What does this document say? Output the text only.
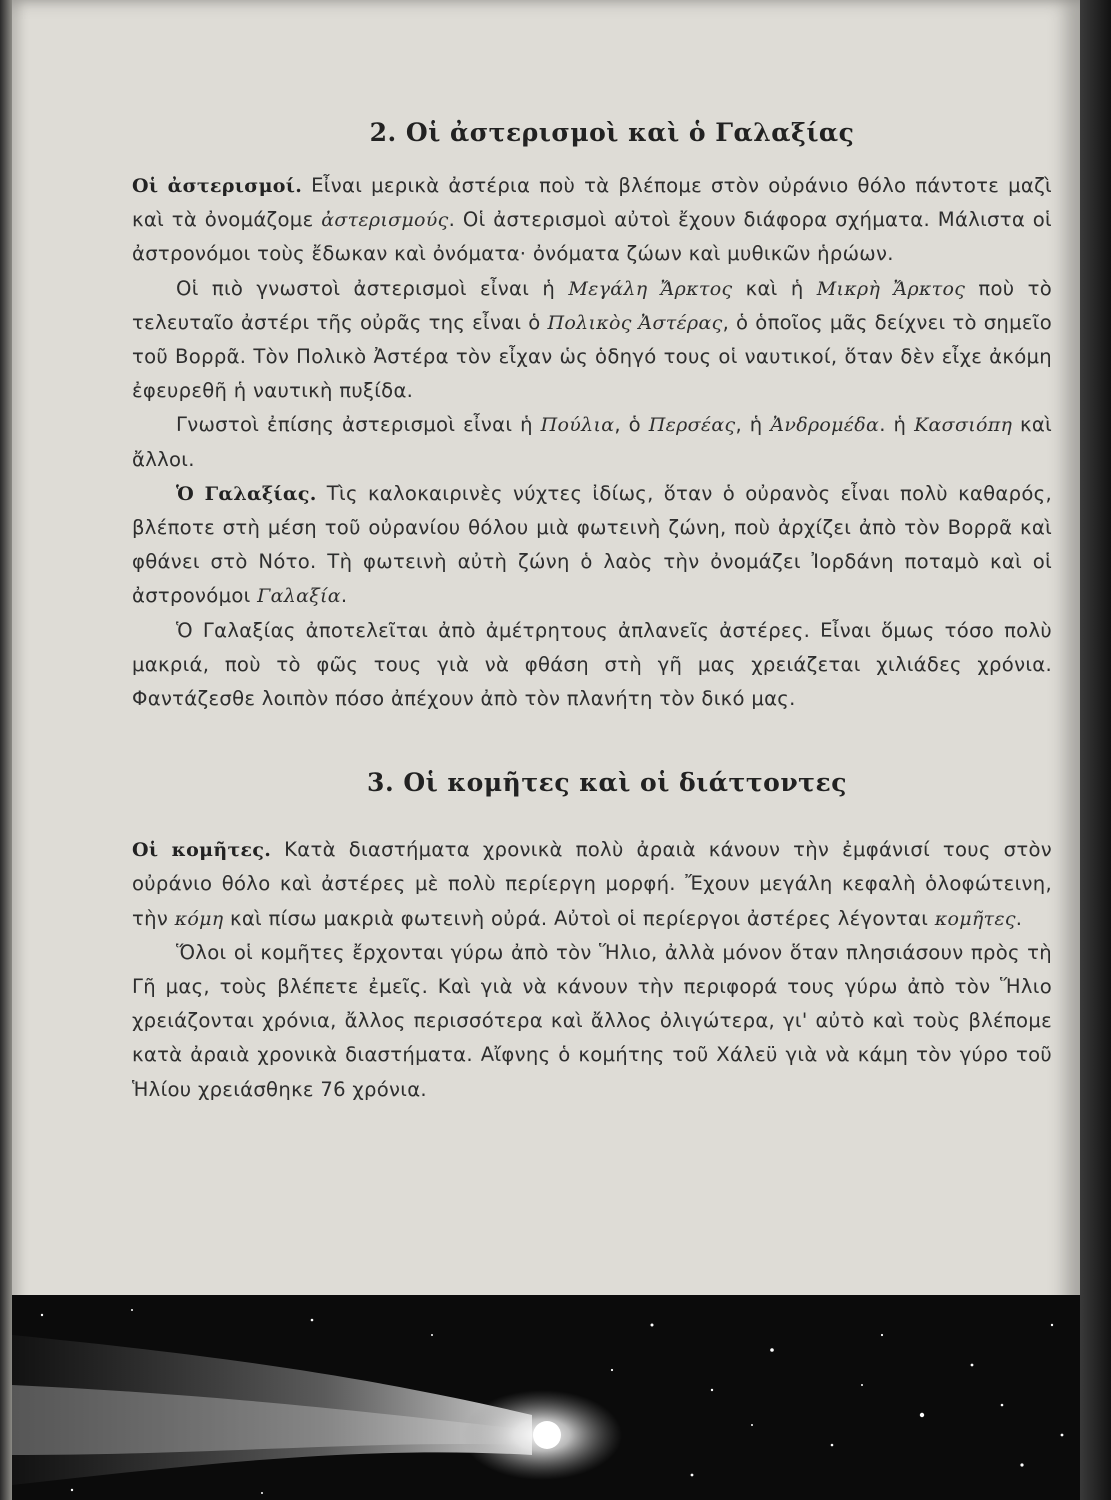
2. Οἱ ἀστερισμοὶ καὶ ὁ Γαλαξίας

Οἱ ἀστερισμοί. Εἶναι μερικὰ ἀστέρια ποὺ τὰ βλέπομε στὸν οὐράνιο θόλο πάντοτε μαζὶ καὶ τὰ ὀνομάζομε ἀστερισμούς. Οἱ ἀστερισμοὶ αὐτοὶ ἔχουν διάφορα σχήματα. Μάλιστα οἱ ἀστρονόμοι τοὺς ἔδωκαν καὶ ὀνόματα· ὀνόματα ζώων καὶ μυθικῶν ἡρώων.

Οἱ πιὸ γνωστοὶ ἀστερισμοὶ εἶναι ἡ Μεγάλη Ἄρκτος καὶ ἡ Μικρὴ Ἄρκτος ποὺ τὸ τελευταῖο ἀστέρι τῆς οὐρᾶς της εἶναι ὁ Πολικὸς Ἀστέρας, ὁ ὁποῖος μᾶς δείχνει τὸ σημεῖο τοῦ Βορρᾶ. Τὸν Πολικὸ Ἀστέρα τὸν εἶχαν ὡς ὁδηγό τους οἱ ναυτικοί, ὅταν δὲν εἶχε ἀκόμη ἐφευρεθῆ ἡ ναυτικὴ πυξίδα.

Γνωστοὶ ἐπίσης ἀστερισμοὶ εἶναι ἡ Πούλια, ὁ Περσέας, ἡ Ἀνδρομέδα. ἡ Κασσιόπη καὶ ἄλλοι.

Ὁ Γαλαξίας. Τὶς καλοκαιρινὲς νύχτες ἰδίως, ὅταν ὁ οὐρανὸς εἶναι πολὺ καθαρός, βλέποτε στὴ μέση τοῦ οὐρανίου θόλου μιὰ φωτεινὴ ζώνη, ποὺ ἀρχίζει ἀπὸ τὸν Βορρᾶ καὶ φθάνει στὸ Νότο. Τὴ φωτεινὴ αὐτὴ ζώνη ὁ λαὸς τὴν ὀνομάζει Ἰορδάνη ποταμὸ καὶ οἱ ἀστρονόμοι Γαλαξία.

Ὁ Γαλαξίας ἀποτελεῖται ἀπὸ ἀμέτρητους ἀπλανεῖς ἀστέρες. Εἶναι ὅμως τόσο πολὺ μακριά, ποὺ τὸ φῶς τους γιὰ νὰ φθάση στὴ γῆ μας χρειάζεται χιλιάδες χρόνια. Φαντάζεσθε λοιπὸν πόσο ἀπέχουν ἀπὸ τὸν πλανήτη τὸν δικό μας.

3. Οἱ κομῆτες καὶ οἱ διάττοντες

Οἱ κομῆτες. Κατὰ διαστήματα χρονικὰ πολὺ ἀραιὰ κάνουν τὴν ἐμφάνισί τους στὸν οὐράνιο θόλο καὶ ἀστέρες μὲ πολὺ περίεργη μορφή. Ἔχουν μεγάλη κεφαλὴ ὁλοφώτεινη, τὴν κόμη καὶ πίσω μακριὰ φωτεινὴ οὐρά. Αὐτοὶ οἱ περίεργοι ἀστέρες λέγονται κομῆτες.

Ὅλοι οἱ κομῆτες ἔρχονται γύρω ἀπὸ τὸν Ἥλιο, ἀλλὰ μόνον ὅταν πλησιάσουν πρὸς τὴ Γῆ μας, τοὺς βλέπετε ἐμεῖς. Καὶ γιὰ νὰ κάνουν τὴν περιφορά τους γύρω ἀπὸ τὸν Ἥλιο χρειάζονται χρόνια, ἄλλος περισσότερα καὶ ἄλλος ὀλιγώτερα, γι' αὐτὸ καὶ τοὺς βλέπομε κατὰ ἀραιὰ χρονικὰ διαστήματα. Αἴφνης ὁ κομήτης τοῦ Χάλεϋ γιὰ νὰ κάμη τὸν γύρο τοῦ Ἡλίου χρειάσθηκε 76 χρόνια.
